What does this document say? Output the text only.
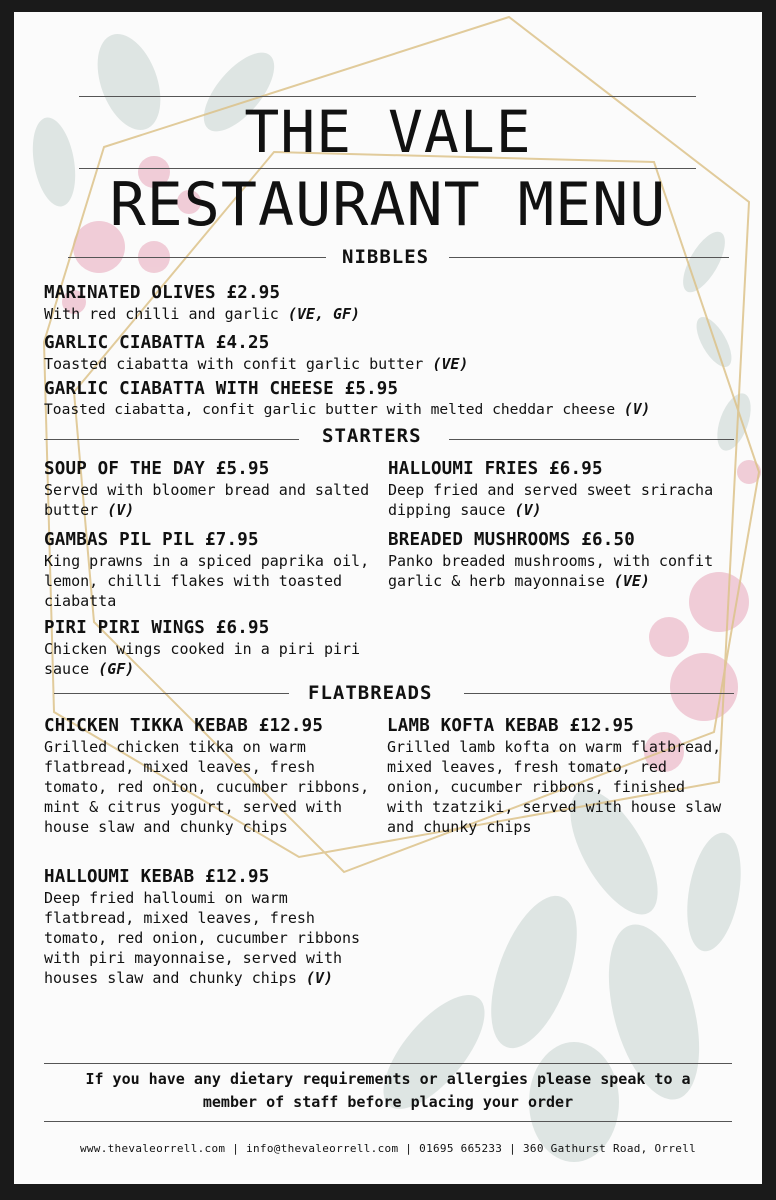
THE VALE
RESTAURANT MENU
NIBBLES
MARINATED OLIVES £2.95
With red chilli and garlic (VE, GF)
GARLIC CIABATTA £4.25
Toasted ciabatta with confit garlic butter (VE)
GARLIC CIABATTA WITH CHEESE £5.95
Toasted ciabatta, confit garlic butter with melted cheddar cheese (V)
STARTERS
SOUP OF THE DAY £5.95
Served with bloomer bread and salted butter (V)
HALLOUMI FRIES £6.95
Deep fried and served sweet sriracha dipping sauce (V)
GAMBAS PIL PIL £7.95
King prawns in a spiced paprika oil, lemon, chilli flakes with toasted ciabatta
BREADED MUSHROOMS £6.50
Panko breaded mushrooms, with confit garlic & herb mayonnaise (VE)
PIRI PIRI WINGS £6.95
Chicken wings cooked in a piri piri sauce (GF)
FLATBREADS
CHICKEN TIKKA KEBAB £12.95
Grilled chicken tikka on warm flatbread, mixed leaves, fresh tomato, red onion, cucumber ribbons, mint & citrus yogurt, served with house slaw and chunky chips
LAMB KOFTA KEBAB £12.95
Grilled lamb kofta on warm flatbread, mixed leaves, fresh tomato, red onion, cucumber ribbons, finished with tzatziki, served with house slaw and chunky chips
HALLOUMI KEBAB £12.95
Deep fried halloumi on warm flatbread, mixed leaves, fresh tomato, red onion, cucumber ribbons with piri mayonnaise, served with houses slaw and chunky chips (V)
If you have any dietary requirements or allergies please speak to a
member of staff before placing your order
www.thevaleorrell.com | info@thevaleorrell.com | 01695 665233 | 360 Gathurst Road, Orrell
